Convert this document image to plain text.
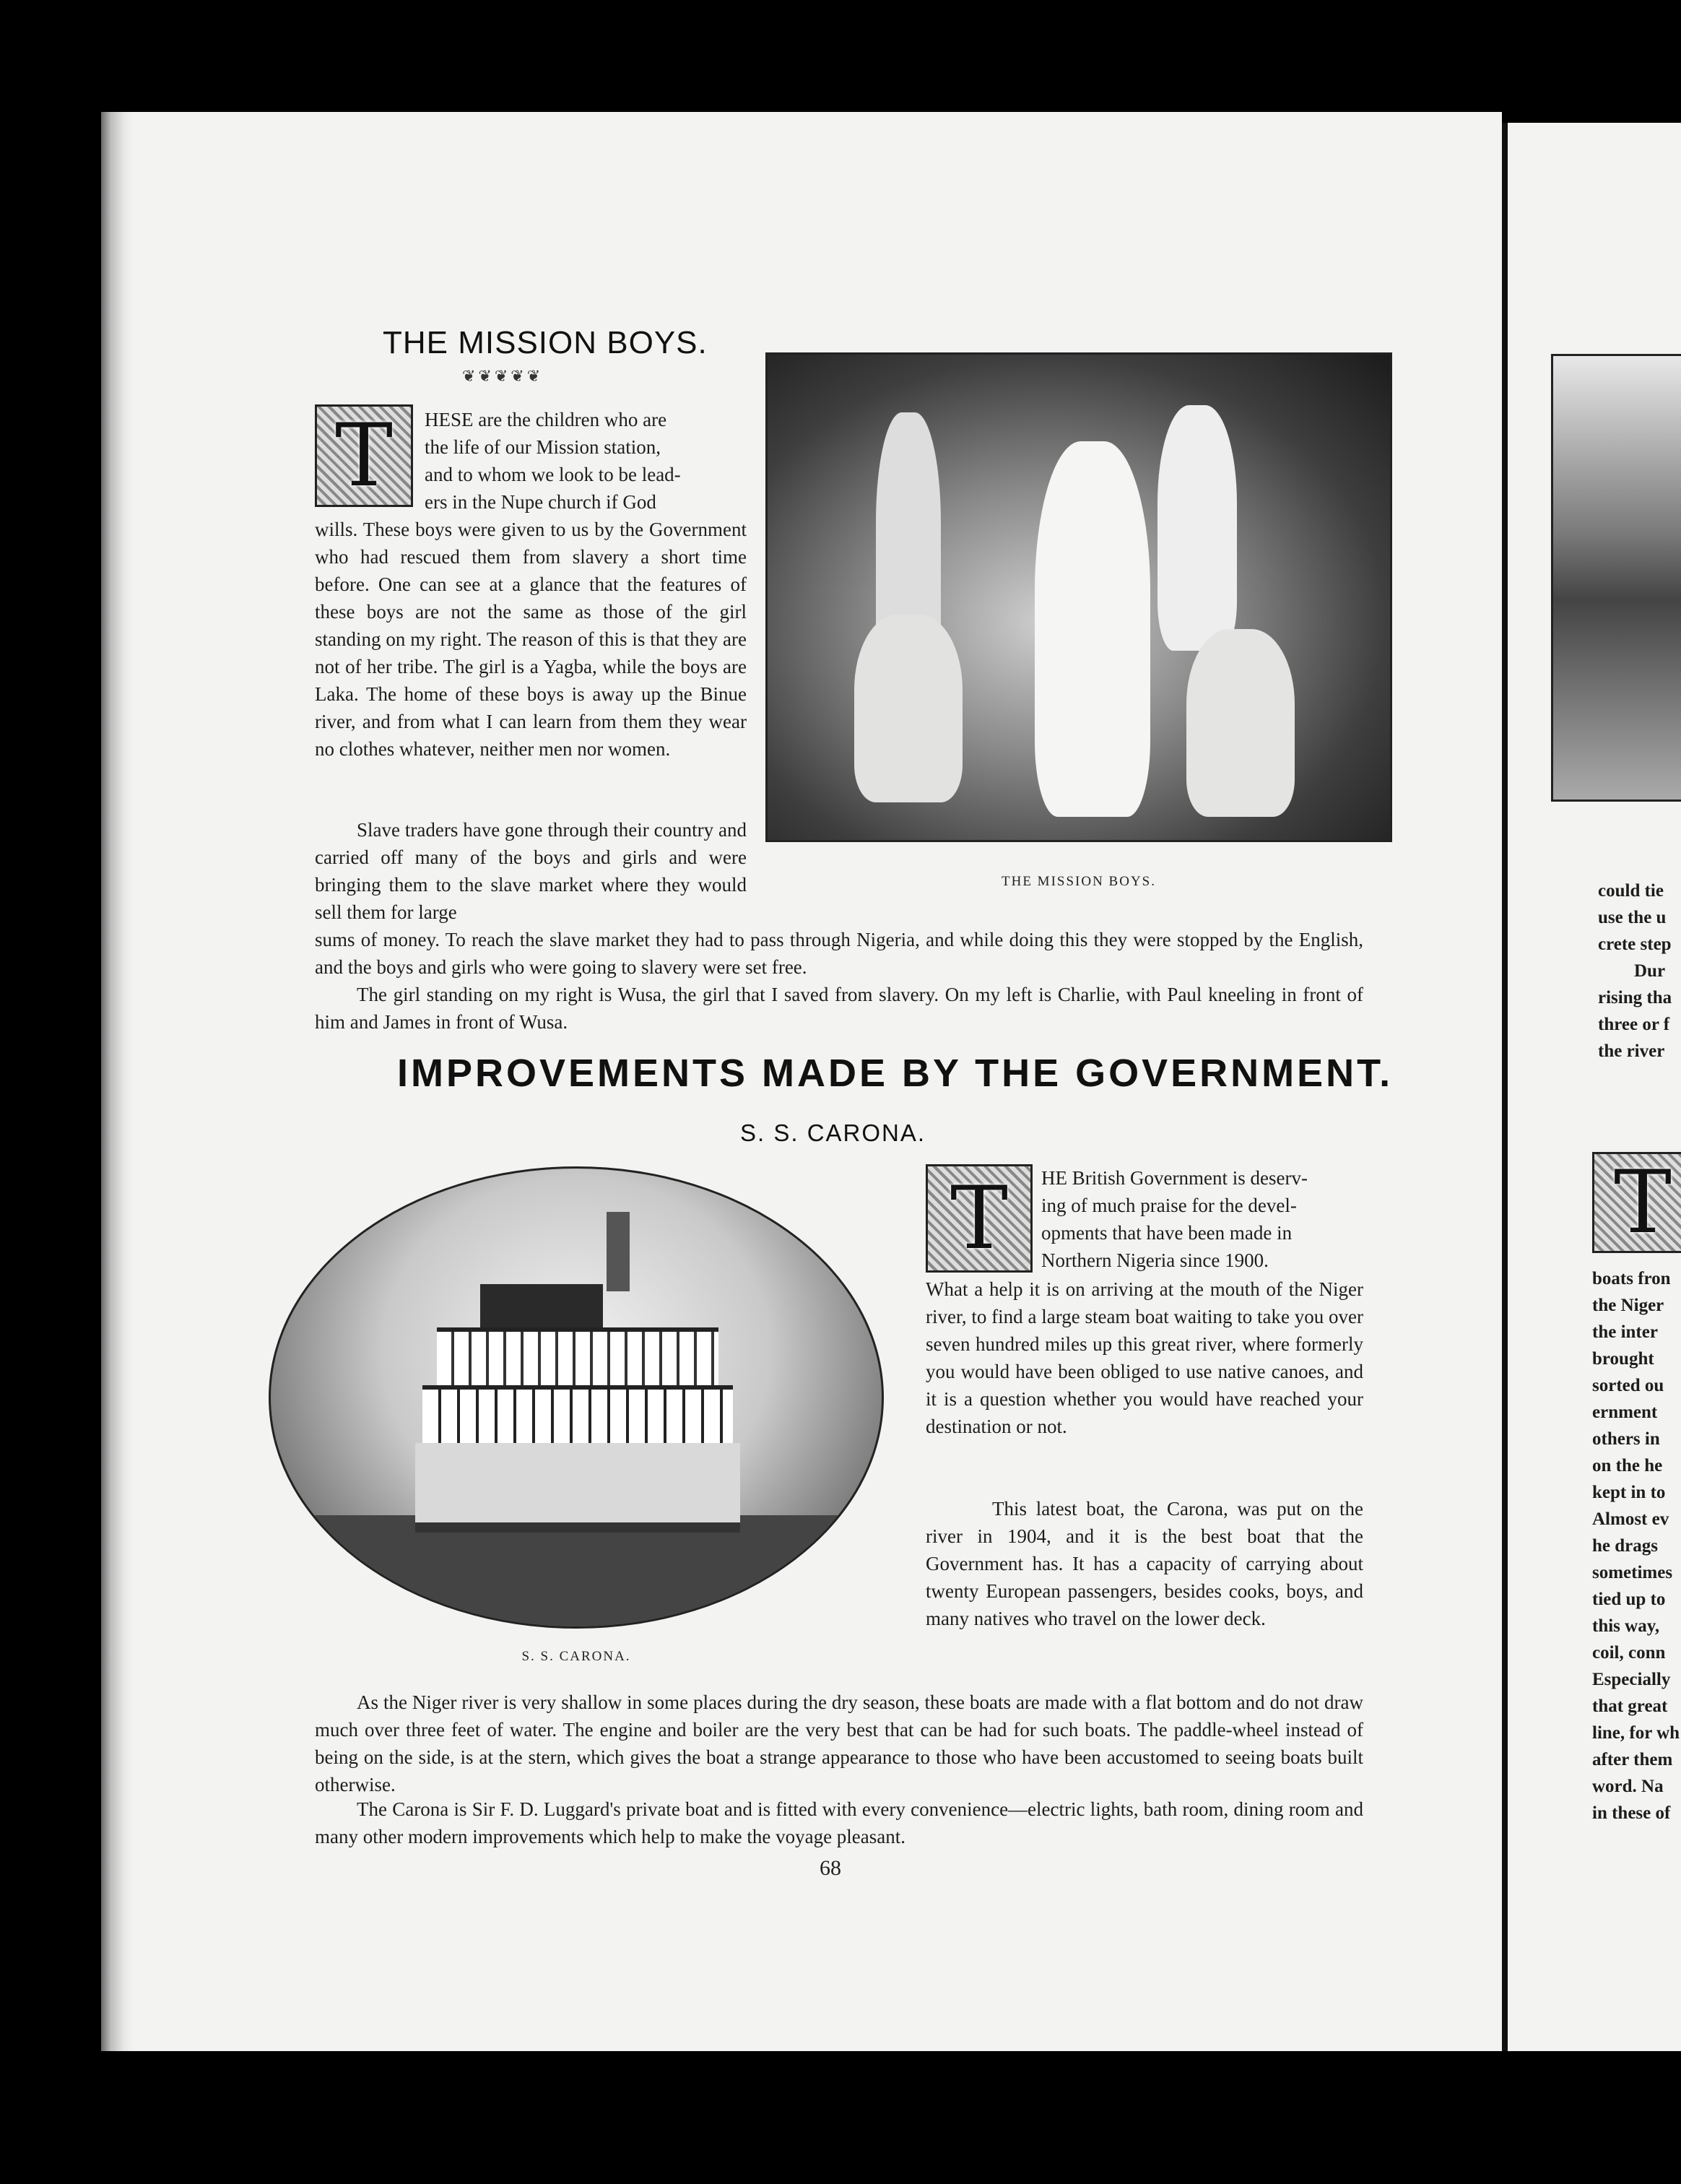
THE MISSION BOYS.
❦❦❦❦❦
T	HESE are the children who are

the life of our Mission station,

and to whom we look to be lead-

ers in the Nupe church if God

wills. These boys were given to us by the Government who had rescued them from slavery a short time before. One can see at a glance that the features of these boys are not the same as those of the girl standing on my right. The reason of this is that they are not of her tribe. The girl is a Yagba, while the boys are Laka. The home of these boys is away up the Binue river, and from what I can learn from them they wear no clothes whatever, neither men nor women.

Slave traders have gone through their country and carried off many of the boys and girls and were bringing them to the slave market where they would sell them for large

THE MISSION BOYS.

sums of money. To reach the slave market they had to pass through Nigeria, and while doing this they were stopped by the English, and the boys and girls who were going to slavery were set free.

The girl standing on my right is Wusa, the girl that I saved from slavery. On my left is Charlie, with Paul kneeling in front of him and James in front of Wusa.

IMPROVEMENTS MADE BY THE GOVERNMENT.
S. S. CARONA.
S. S. CARONA.
T	HE British Government is deserv-

ing of much praise for the devel-

opments that have been made in

Northern Nigeria since 1900.

What a help it is on arriving at the mouth of the Niger river, to find a large steam boat waiting to take you over seven hundred miles up this great river, where formerly you would have been obliged to use native canoes, and it is a question whether you would have reached your destination or not.

This latest boat, the Carona, was put on the river in 1904, and it is the best boat that the Government has. It has a capacity of carrying about twenty European passengers, besides cooks, boys, and many natives who travel on the lower deck.

As the Niger river is very shallow in some places during the dry season, these boats are made with a flat bottom and do not draw much over three feet of water. The engine and boiler are the very best that can be had for such boats. The paddle-wheel instead of being on the side, is at the stern, which gives the boat a strange appearance to those who have been accustomed to seeing boats built otherwise.

The Carona is Sir F. D. Luggard's private boat and is fitted with every convenience—electric lights, bath room, dining room and many other modern improvements which help to make the voyage pleasant.

68
could tie
use the u
crete step
Dur
rising tha
three or f
the river
T
boats fron
the Niger
the inter
brought
sorted ou
ernment
others in
on the he
kept in to
Almost ev
he drags
sometimes
tied up to
this way,
coil, conn
Especially
that great
line, for wh
after them
word. Na
in these of
